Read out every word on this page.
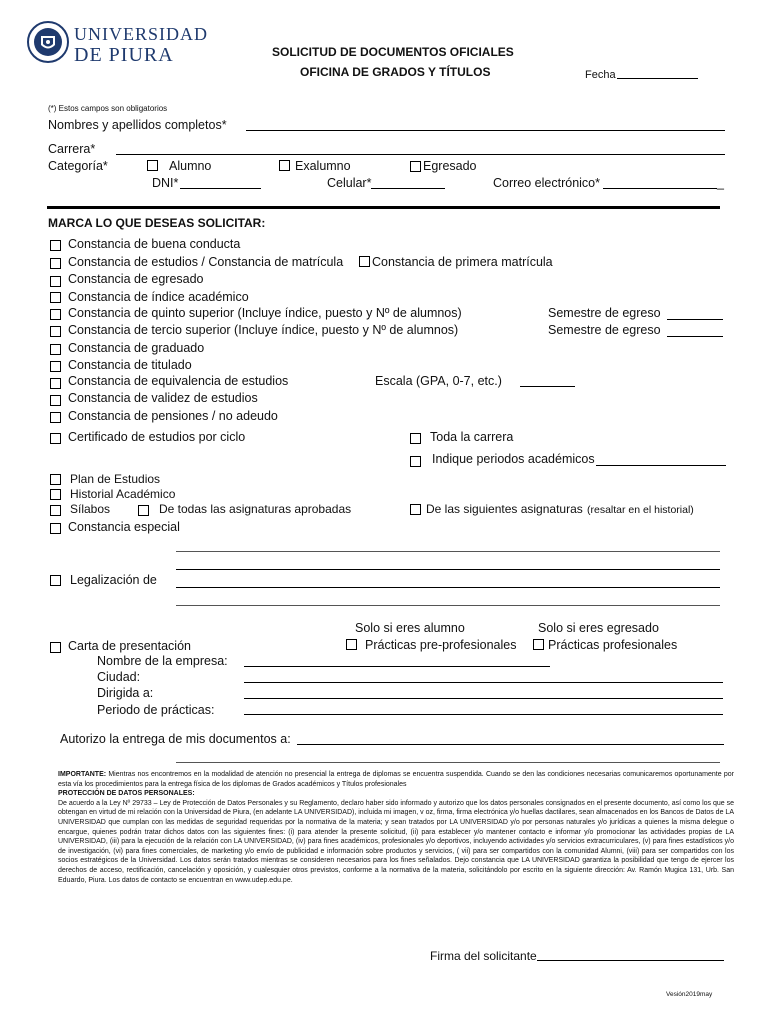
UNIVERSIDAD
DE PIURA	SOLICITUD DE DOCUMENTOS OFICIALES
OFICINA DE GRADOS Y TÍTULOS	Fecha
(*) Estos campos son obligatorios
Nombres y apellidos completos*
Carrera*
Categoría*	Alumno	Exalumno	Egresado
DNI*	Celular*	Correo electrónico*	_
MARCA LO QUE DESEAS SOLICITAR:
Constancia de buena conducta
Constancia de estudios / Constancia de matrícula Constancia de primera matrícula
Constancia de egresado
Constancia de índice académico
Constancia de quinto superior (Incluye índice, puesto y Nº de alumnos)	Semestre de egreso
Constancia de tercio superior (Incluye índice, puesto y Nº de alumnos)	Semestre de egreso
Constancia de graduado
Constancia de titulado
Constancia de equivalencia de estudios	Escala (GPA, 0-7, etc.)
Constancia de validez de estudios
Constancia de pensiones / no adeudo
Certificado de estudios por ciclo	Toda la carrera
Indique periodos académicos
Plan de Estudios
Historial Académico
Sílabos	De todas las asignaturas aprobadas	De las siguientes asignaturas (resaltar en el historial)
Constancia especial
Legalización de
Solo si eres alumno	Solo si eres egresado
Carta de presentación	Prácticas pre-profesionales	Prácticas profesionales
Nombre de la empresa:
Ciudad:
Dirigida a:
Periodo de prácticas:
Autorizo la entrega de mis documentos a:

IMPORTANTE: Mientras nos encontremos en la modalidad de atención no presencial la entrega de diplomas se encuentra suspendida. Cuando se den las condiciones necesarias comunicaremos oportunamente por esta vía los procedimientos para la entrega física de los diplomas de Grados académicos y Títulos profesionales

PROTECCIÓN DE DATOS PERSONALES:

De acuerdo a la Ley Nº 29733 – Ley de Protección de Datos Personales y su Reglamento, declaro haber sido informado y autorizo que los datos personales consignados en el presente documento, así como los que se obtengan en virtud de mi relación con la Universidad de Piura, (en adelante LA UNIVERSIDAD), incluida mi imagen, v oz, firma, firma electrónica y/o huellas dactilares, sean almacenados en los Bancos de Datos de LA UNIVERSIDAD que cumplan con las medidas de seguridad requeridas por la normativa de la materia; y sean tratados por LA UNIVERSIDAD y/o por personas naturales y/o jurídicas a quienes la misma delegue o encargue, quienes podrán tratar dichos datos con las siguientes fines: (i) para atender la presente solicitud, (ii) para establecer y/o mantener contacto e informar y/o promocionar las actividades propias de LA UNIVERSIDAD, (iii) para la ejecución de la relación con LA UNIVERSIDAD, (iv) para fines académicos, profesionales y/o deportivos, incluyendo actividades y/o servicios extracurriculares, (v) para fines estadísticos y/o de investigación, (vi) para fines comerciales, de marketing y/o envío de publicidad e información sobre productos y servicios, ( vii) para ser compartidos con la comunidad Alumni, (viii) para ser compartidos con los socios estratégicos de la Universidad. Los datos serán tratados mientras se consideren necesarios para los fines señalados. Dejo constancia que LA UNIVERSIDAD garantiza la posibilidad que tengo de ejercer los derechos de acceso, rectificación, cancelación y oposición, y cualesquier otros previstos, conforme a la normativa de la materia, solicitándolo por escrito en la siguiente dirección: Av. Ramón Mugica 131, Urb. San Eduardo, Piura. Los datos de contacto se encuentran en www.udep.edu.pe.

Firma del solicitante
Vesión2019may
